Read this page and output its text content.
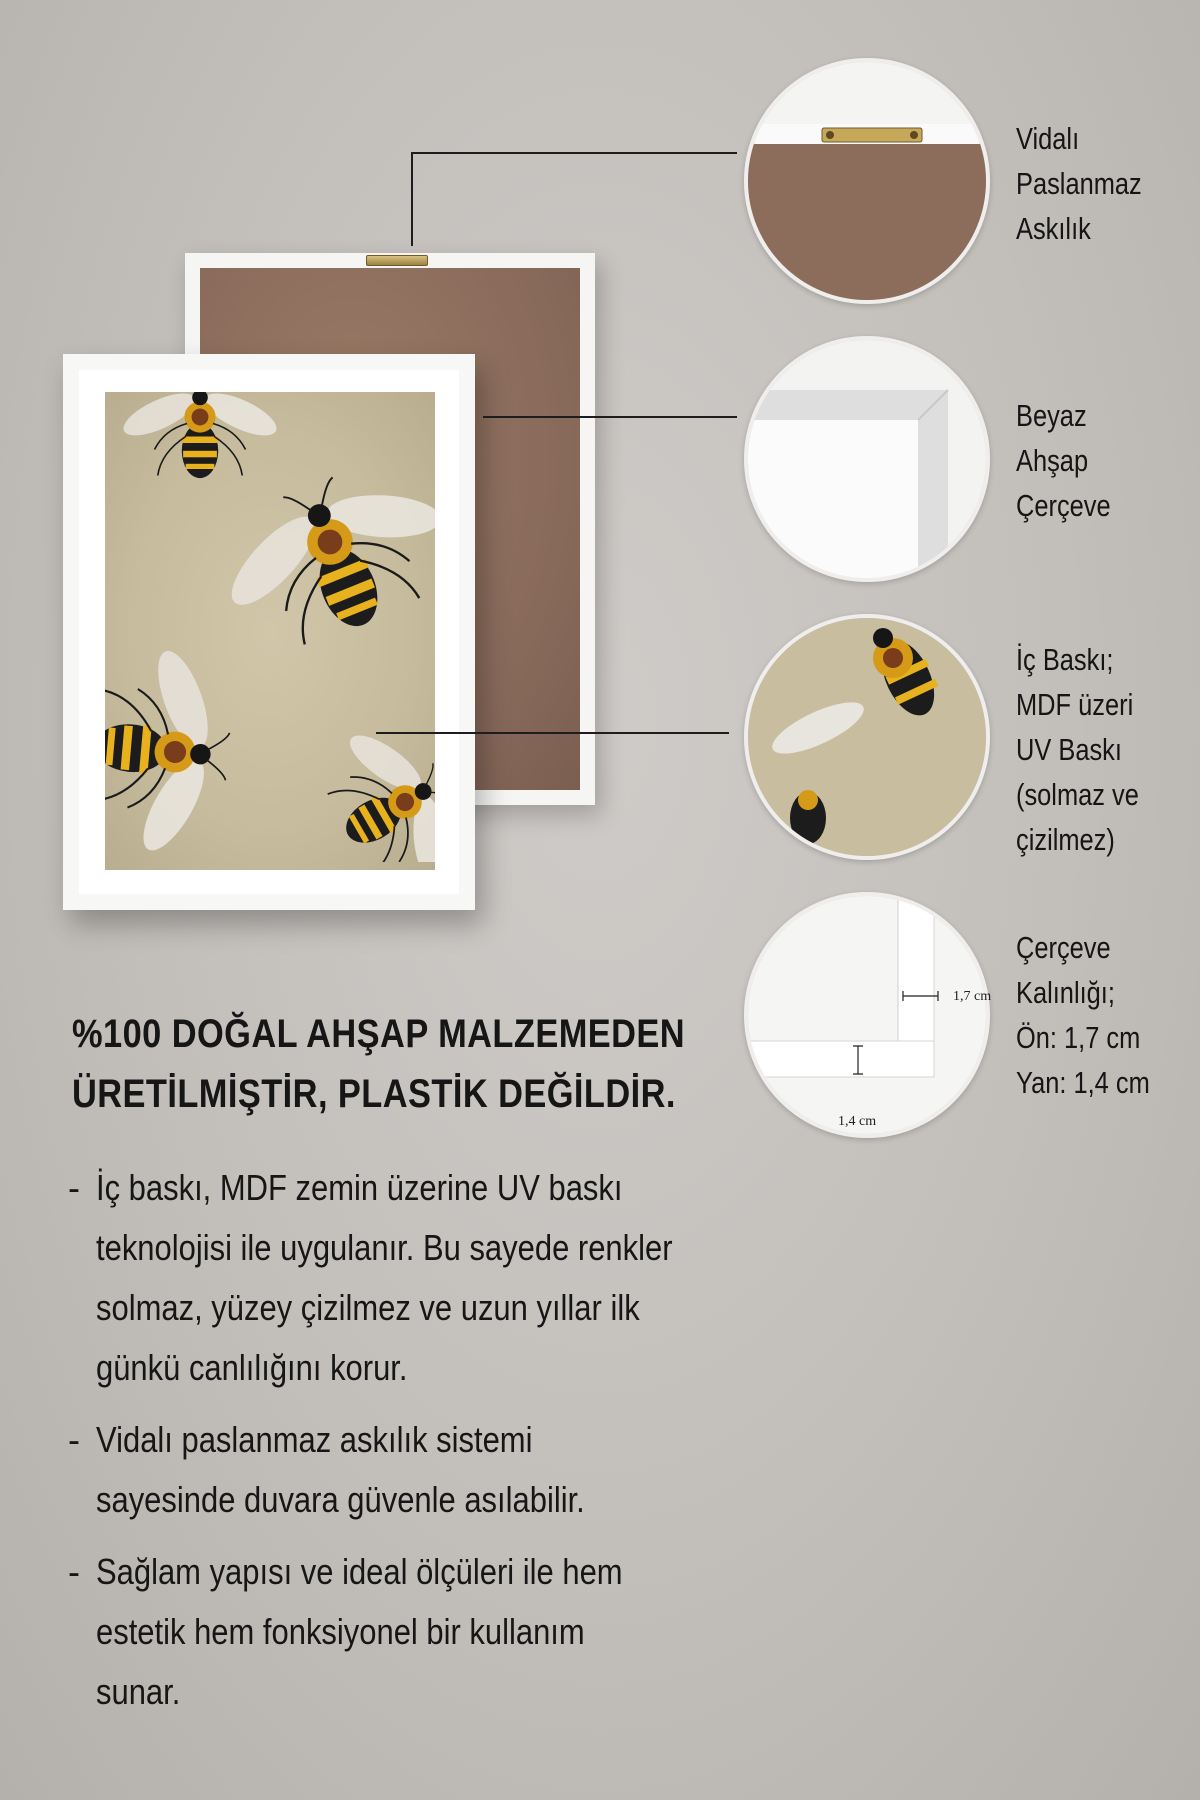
Vidalı
Paslanmaz
Askılık
Beyaz
Ahşap
Çerçeve
İç Baskı;
MDF üzeri
UV Baskı
(solmaz ve
çizilmez)
1,7 cm
1,4 cm
Çerçeve
Kalınlığı;
Ön: 1,7 cm
Yan: 1,4 cm
%100 DOĞAL AHŞAP MALZEMEDEN
ÜRETİLMİŞTİR, PLASTİK DEĞİLDİR.
- İç baskı, MDF zemin üzerine UV baskı
teknolojisi ile uygulanır. Bu sayede renkler
solmaz, yüzey çizilmez ve uzun yıllar ilk
günkü canlılığını korur.
- Vidalı paslanmaz askılık sistemi
sayesinde duvara güvenle asılabilir.
- Sağlam yapısı ve ideal ölçüleri ile hem
estetik hem fonksiyonel bir kullanım
sunar.
